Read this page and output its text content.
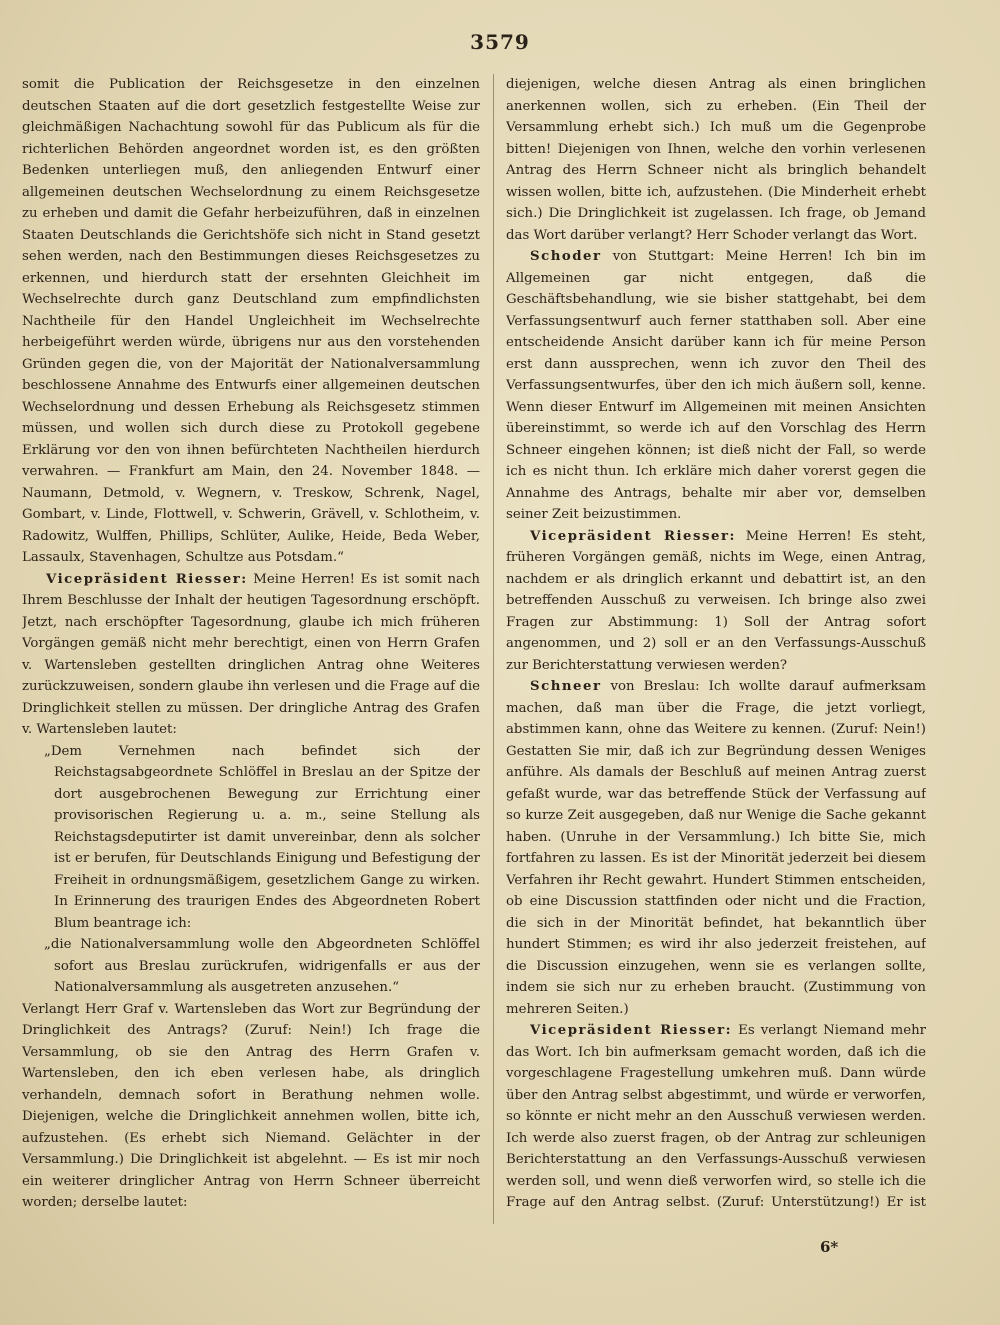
3579

somit die Publication der Reichsgesetze in den einzelnen deutschen Staaten auf die dort gesetzlich festgestellte Weise zur gleichmäßigen Nachachtung sowohl für das Publicum als für die richterlichen Behörden angeordnet worden ist, es den größten Bedenken unterliegen muß, den anliegenden Entwurf einer allgemeinen deutschen Wechselordnung zu einem Reichsgesetze zu erheben und damit die Gefahr herbeizuführen, daß in einzelnen Staaten Deutschlands die Gerichtshöfe sich nicht in Stand gesetzt sehen werden, nach den Bestimmungen dieses Reichsgesetzes zu erkennen, und hierdurch statt der ersehnten Gleichheit im Wechselrechte durch ganz Deutschland zum empfindlichsten Nachtheile für den Handel Ungleichheit im Wechselrechte herbeigeführt werden würde, übrigens nur aus den vorstehenden Gründen gegen die, von der Majorität der Nationalversammlung beschlossene Annahme des Entwurfs einer allgemeinen deutschen Wechselordnung und dessen Erhebung als Reichsgesetz stimmen müssen, und wollen sich durch diese zu Protokoll gegebene Erklärung vor den von ihnen befürchteten Nachtheilen hierdurch verwahren. — Frankfurt am Main, den 24. November 1848. — Naumann, Detmold, v. Wegnern, v. Treskow, Schrenk, Nagel, Gombart, v. Linde, Flottwell, v. Schwerin, Grävell, v. Schlotheim, v. Radowitz, Wulffen, Phillips, Schlüter, Aulike, Heide, Beda Weber, Lassaulx, Stavenhagen, Schultze aus Potsdam.“

Vicepräsident Riesser: Meine Herren! Es ist somit nach Ihrem Beschlusse der Inhalt der heutigen Tagesordnung erschöpft. Jetzt, nach erschöpfter Tagesordnung, glaube ich mich früheren Vorgängen gemäß nicht mehr berechtigt, einen von Herrn Grafen v. Wartensleben gestellten dringlichen Antrag ohne Weiteres zurückzuweisen, sondern glaube ihn verlesen und die Frage auf die Dringlichkeit stellen zu müssen. Der dringliche Antrag des Grafen v. Wartensleben lautet:

„Dem Vernehmen nach befindet sich der Reichstagsabgeordnete Schlöffel in Breslau an der Spitze der dort ausgebrochenen Bewegung zur Errichtung einer provisorischen Regierung u. a. m., seine Stellung als Reichstagsdeputirter ist damit unvereinbar, denn als solcher ist er berufen, für Deutschlands Einigung und Befestigung der Freiheit in ordnungsmäßigem, gesetzlichem Gange zu wirken. In Erinnerung des traurigen Endes des Abgeordneten Robert Blum beantrage ich:

„die Nationalversammlung wolle den Abgeordneten Schlöffel sofort aus Breslau zurückrufen, widrigenfalls er aus der Nationalversammlung als ausgetreten anzusehen.“

Verlangt Herr Graf v. Wartensleben das Wort zur Begründung der Dringlichkeit des Antrags? (Zuruf: Nein!) Ich frage die Versammlung, ob sie den Antrag des Herrn Grafen v. Wartensleben, den ich eben verlesen habe, als dringlich verhandeln, demnach sofort in Berathung nehmen wolle. Diejenigen, welche die Dringlichkeit annehmen wollen, bitte ich, aufzustehen. (Es erhebt sich Niemand. Gelächter in der Versammlung.) Die Dringlichkeit ist abgelehnt. — Es ist mir noch ein weiterer dringlicher Antrag von Herrn Schneer überreicht worden; derselbe lautet:

diejenigen, welche diesen Antrag als einen bringlichen anerkennen wollen, sich zu erheben. (Ein Theil der Versammlung erhebt sich.) Ich muß um die Gegenprobe bitten! Diejenigen von Ihnen, welche den vorhin verlesenen Antrag des Herrn Schneer nicht als bringlich behandelt wissen wollen, bitte ich, aufzustehen. (Die Minderheit erhebt sich.) Die Dringlichkeit ist zugelassen. Ich frage, ob Jemand das Wort darüber verlangt? Herr Schoder verlangt das Wort.

Schoder von Stuttgart: Meine Herren! Ich bin im Allgemeinen gar nicht entgegen, daß die Geschäftsbehandlung, wie sie bisher stattgehabt, bei dem Verfassungsentwurf auch ferner statthaben soll. Aber eine entscheidende Ansicht darüber kann ich für meine Person erst dann aussprechen, wenn ich zuvor den Theil des Verfassungsentwurfes, über den ich mich äußern soll, kenne. Wenn dieser Entwurf im Allgemeinen mit meinen Ansichten übereinstimmt, so werde ich auf den Vorschlag des Herrn Schneer eingehen können; ist dieß nicht der Fall, so werde ich es nicht thun. Ich erkläre mich daher vorerst gegen die Annahme des Antrags, behalte mir aber vor, demselben seiner Zeit beizustimmen.

Vicepräsident Riesser: Meine Herren! Es steht, früheren Vorgängen gemäß, nichts im Wege, einen Antrag, nachdem er als dringlich erkannt und debattirt ist, an den betreffenden Ausschuß zu verweisen. Ich bringe also zwei Fragen zur Abstimmung: 1) Soll der Antrag sofort angenommen, und 2) soll er an den Verfassungs-Ausschuß zur Berichterstattung verwiesen werden?

Schneer von Breslau: Ich wollte darauf aufmerksam machen, daß man über die Frage, die jetzt vorliegt, abstimmen kann, ohne das Weitere zu kennen. (Zuruf: Nein!) Gestatten Sie mir, daß ich zur Begründung dessen Weniges anführe. Als damals der Beschluß auf meinen Antrag zuerst gefaßt wurde, war das betreffende Stück der Verfassung auf so kurze Zeit ausgegeben, daß nur Wenige die Sache gekannt haben. (Unruhe in der Versammlung.) Ich bitte Sie, mich fortfahren zu lassen. Es ist der Minorität jederzeit bei diesem Verfahren ihr Recht gewahrt. Hundert Stimmen entscheiden, ob eine Discussion stattfinden oder nicht und die Fraction, die sich in der Minorität befindet, hat bekanntlich über hundert Stimmen; es wird ihr also jederzeit freistehen, auf die Discussion einzugehen, wenn sie es verlangen sollte, indem sie sich nur zu erheben braucht. (Zustimmung von mehreren Seiten.)

Vicepräsident Riesser: Es verlangt Niemand mehr das Wort. Ich bin aufmerksam gemacht worden, daß ich die vorgeschlagene Fragestellung umkehren muß. Dann würde über den Antrag selbst abgestimmt, und würde er verworfen, so könnte er nicht mehr an den Ausschuß verwiesen werden. Ich werde also zuerst fragen, ob der Antrag zur schleunigen Berichterstattung an den Verfassungs-Ausschuß verwiesen werden soll, und wenn dieß verworfen wird, so stelle ich die Frage auf den Antrag selbst. (Zuruf: Unterstützung!) Er ist

6*
